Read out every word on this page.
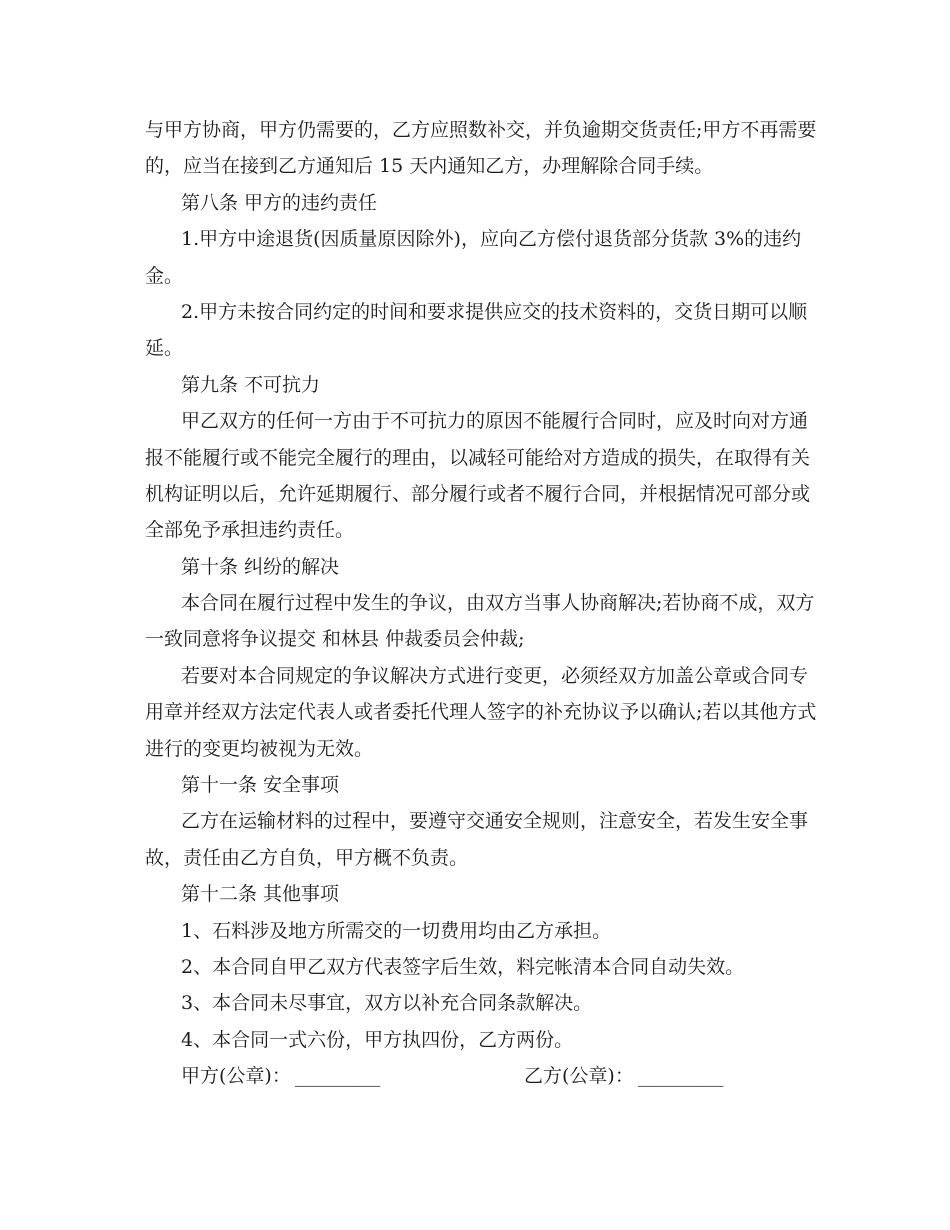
与甲方协商，甲方仍需要的，乙方应照数补交，并负逾期交货责任;甲方不再需要
的，应当在接到乙方通知后 15 天内通知乙方，办理解除合同手续。
第八条 甲方的违约责任
1.甲方中途退货(因质量原因除外)，应向乙方偿付退货部分货款 3%的违约
金。
2.甲方未按合同约定的时间和要求提供应交的技术资料的，交货日期可以顺
延。
第九条 不可抗力
甲乙双方的任何一方由于不可抗力的原因不能履行合同时，应及时向对方通
报不能履行或不能完全履行的理由，以减轻可能给对方造成的损失，在取得有关
机构证明以后，允许延期履行、部分履行或者不履行合同，并根据情况可部分或
全部免予承担违约责任。
第十条 纠纷的解决
本合同在履行过程中发生的争议，由双方当事人协商解决;若协商不成，双方
一致同意将争议提交 和林县 仲裁委员会仲裁;
若要对本合同规定的争议解决方式进行变更，必须经双方加盖公章或合同专
用章并经双方法定代表人或者委托代理人签字的补充协议予以确认;若以其他方式
进行的变更均被视为无效。
第十一条 安全事项
乙方在运输材料的过程中，要遵守交通安全规则，注意安全，若发生安全事
故，责任由乙方自负，甲方概不负责。
第十二条 其他事项
1、石料涉及地方所需交的一切费用均由乙方承担。
2、本合同自甲乙双方代表签字后生效，料完帐清本合同自动失效。
3、本合同未尽事宜，双方以补充合同条款解决。
4、本合同一式六份，甲方执四份，乙方两份。
甲方(公章)： _________	乙方(公章)： _________
